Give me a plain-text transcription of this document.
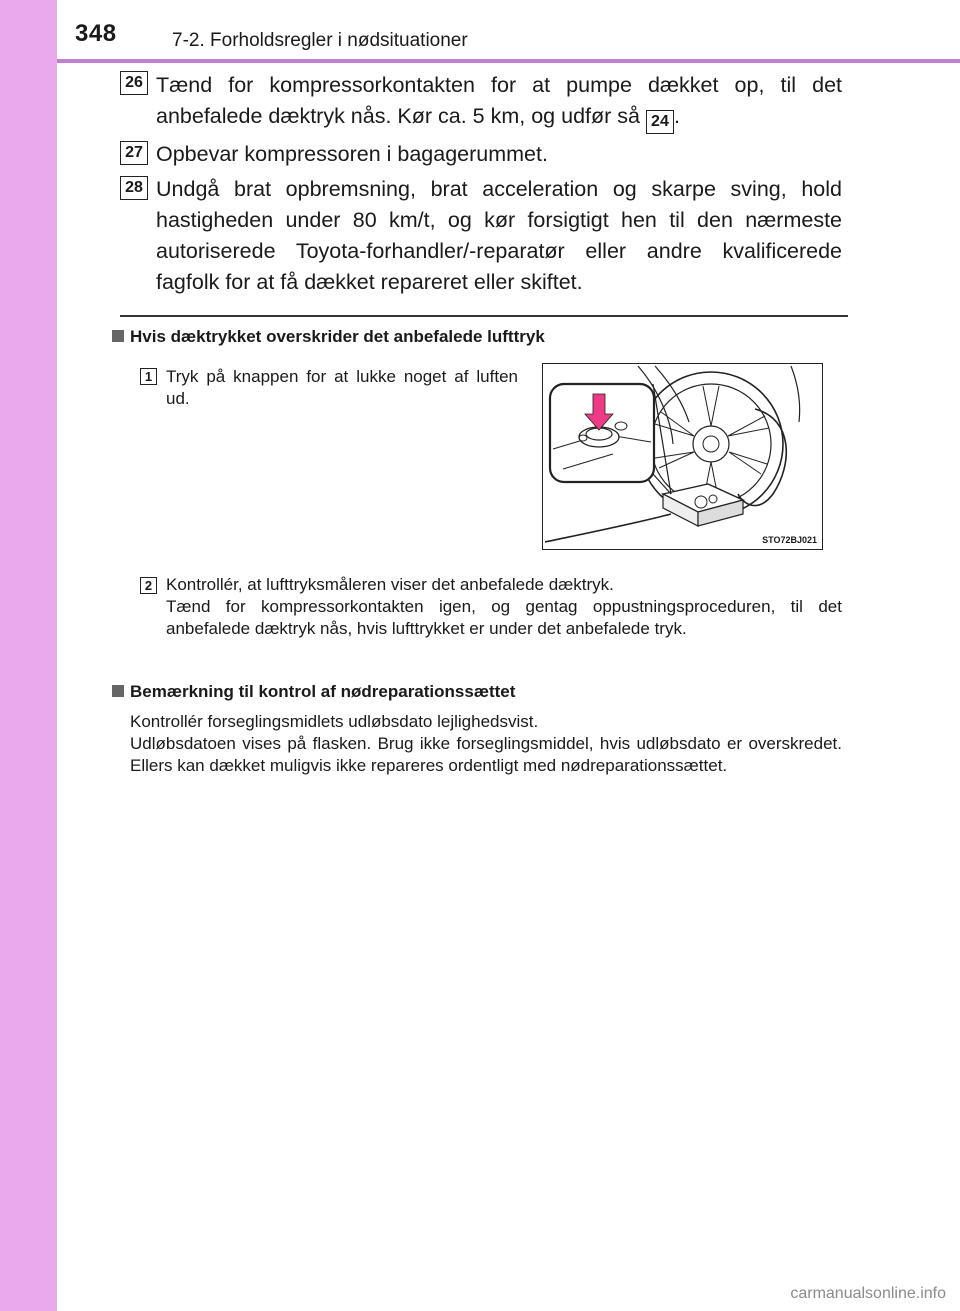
348	7-2. Forholdsregler i nødsituationer
26 Tænd for kompressorkontakten for at pumpe dækket op, til det anbefalede dæktryk nås. Kør ca. 5 km, og udfør så 24 .
27 Opbevar kompressoren i bagagerummet.
28 Undgå brat opbremsning, brat acceleration og skarpe sving, hold hastigheden under 80 km/t, og kør forsigtigt hen til den nærmeste autoriserede Toyota-forhandler/-reparatør eller andre kvalificerede fagfolk for at få dækket repareret eller skiftet.
Hvis dæktrykket overskrider det anbefalede lufttryk
1 Tryk på knappen for at lukke noget af luften ud.
STO72BJ021
2 Kontrollér, at lufttryksmåleren viser det anbefalede dæktryk.
Tænd for kompressorkontakten igen, og gentag oppustningsproceduren, til det anbefalede dæktryk nås, hvis lufttrykket er under det anbefalede tryk.
Bemærkning til kontrol af nødreparationssættet
Kontrollér forseglingsmidlets udløbsdato lejlighedsvist.
Udløbsdatoen vises på flasken. Brug ikke forseglingsmiddel, hvis udløbsdato er overskredet. Ellers kan dækket muligvis ikke repareres ordentligt med nødreparationssættet.
carmanualsonline.info
